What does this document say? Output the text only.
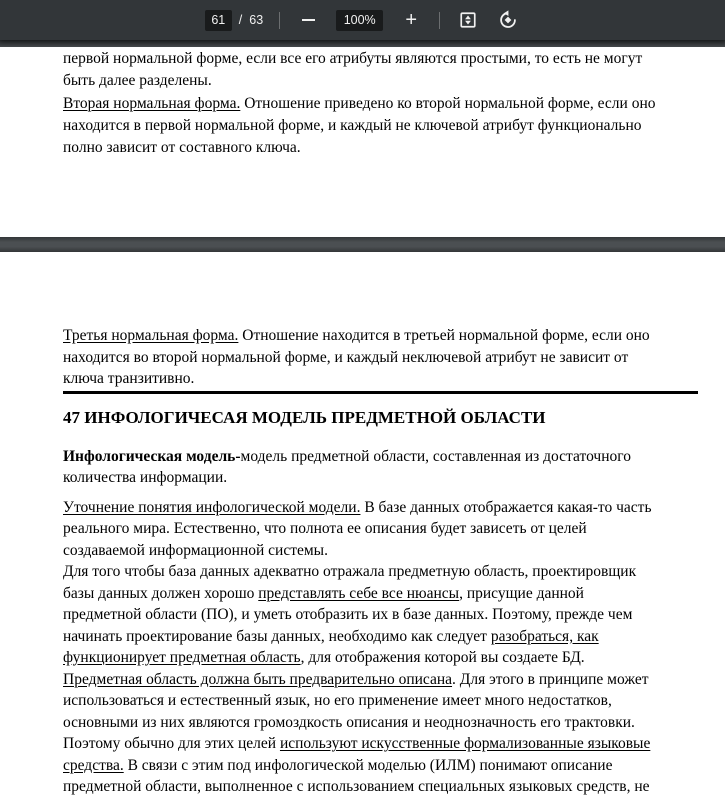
61
/ 63	100%	+
первой нормальной форме, если все его атрибуты являются простыми, то есть не могут
быть далее разделены.
Вторая нормальная форма. Отношение приведено ко второй нормальной форме, если оно
находится в первой нормальной форме, и каждый не ключевой атрибут функционально
полно зависит от составного ключа.
Третья нормальная форма. Отношение находится в третьей нормальной форме, если оно
находится во второй нормальной форме, и каждый неключевой атрибут не зависит от
ключа транзитивно.
47 ИНФОЛОГИЧЕСАЯ МОДЕЛЬ ПРЕДМЕТНОЙ ОБЛАСТИ
Инфологическая модель-модель предметной области, составленная из достаточного
количества информации.
Уточнение понятия инфологической модели. В базе данных отображается какая-то часть
реального мира. Естественно, что полнота ее описания будет зависеть от целей
создаваемой информационной системы.
Для того чтобы база данных адекватно отражала предметную область, проектировщик
базы данных должен хорошо представлять себе все нюансы, присущие данной
предметной области (ПО), и уметь отобразить их в базе данных. Поэтому, прежде чем
начинать проектирование базы данных, необходимо как следует разобраться, как
функционирует предметная область, для отображения которой вы создаете БД.
Предметная область должна быть предварительно описана. Для этого в принципе может
использоваться и естественный язык, но его применение имеет много недостатков,
основными из них являются громоздкость описания и неоднозначность его трактовки.
Поэтому обычно для этих целей используют искусственные формализованные языковые
средства. В связи с этим под инфологической моделью (ИЛМ) понимают описание
предметной области, выполненное с использованием специальных языковых средств, не
